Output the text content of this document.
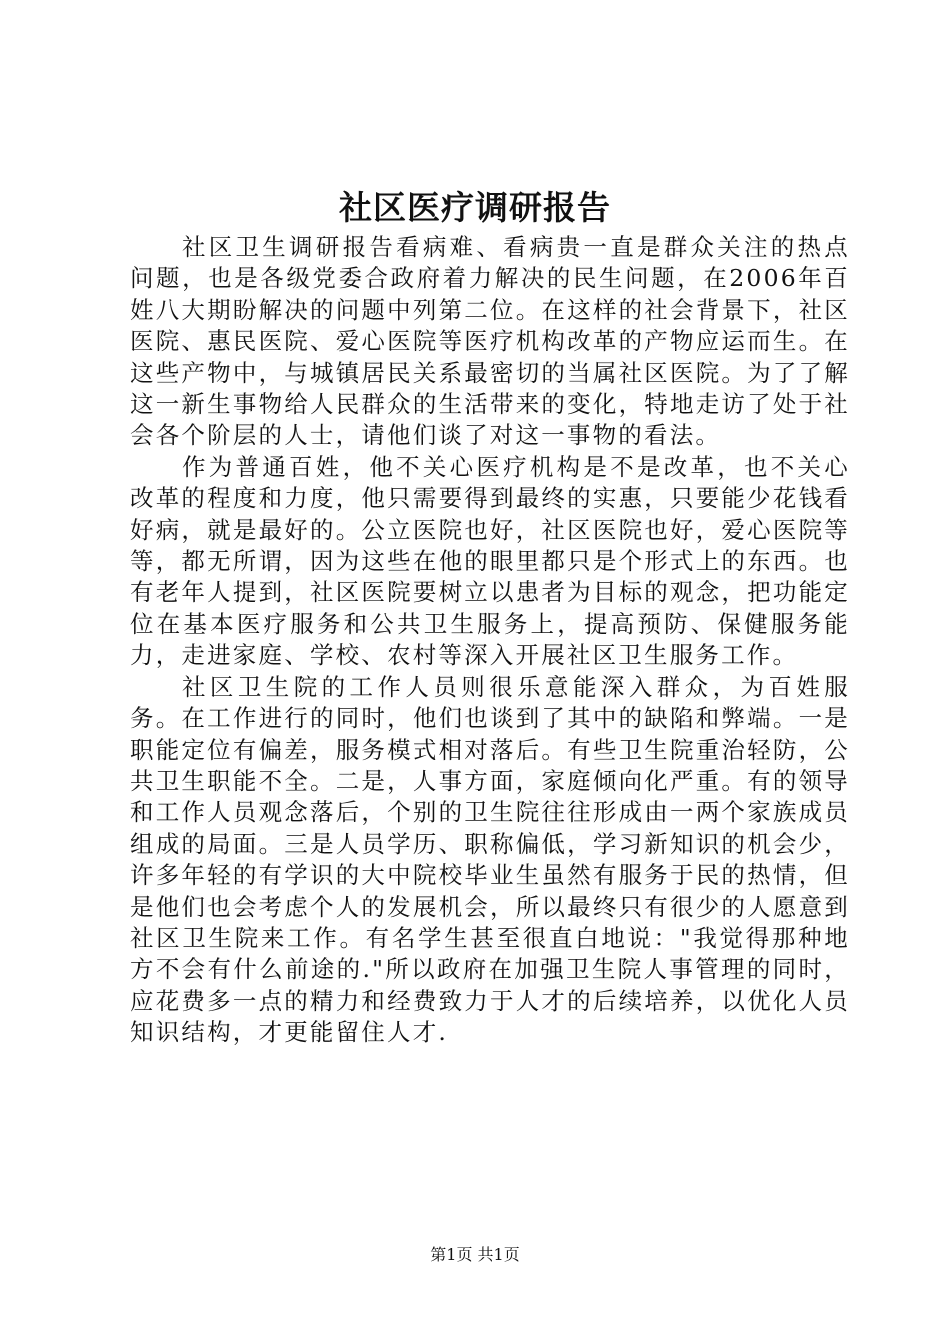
社区医疗调研报告

社区卫生调研报告看病难、看病贵一直是群众关注的热点问题，也是各级党委合政府着力解决的民生问题，在2006年百姓八大期盼解决的问题中列第二位。在这样的社会背景下，社区医院、惠民医院、爱心医院等医疗机构改革的产物应运而生。在这些产物中，与城镇居民关系最密切的当属社区医院。为了了解这一新生事物给人民群众的生活带来的变化，特地走访了处于社会各个阶层的人士，请他们谈了对这一事物的看法。

作为普通百姓，他不关心医疗机构是不是改革，也不关心改革的程度和力度，他只需要得到最终的实惠，只要能少花钱看好病，就是最好的。公立医院也好，社区医院也好，爱心医院等等，都无所谓，因为这些在他的眼里都只是个形式上的东西。也有老年人提到，社区医院要树立以患者为目标的观念，把功能定位在基本医疗服务和公共卫生服务上，提高预防、保健服务能力，走进家庭、学校、农村等深入开展社区卫生服务工作。

社区卫生院的工作人员则很乐意能深入群众，为百姓服务。在工作进行的同时，他们也谈到了其中的缺陷和弊端。一是职能定位有偏差，服务模式相对落后。有些卫生院重治轻防，公共卫生职能不全。二是，人事方面，家庭倾向化严重。有的领导和工作人员观念落后，个别的卫生院往往形成由一两个家族成员组成的局面。三是人员学历、职称偏低，学习新知识的机会少，许多年轻的有学识的大中院校毕业生虽然有服务于民的热情，但是他们也会考虑个人的发展机会，所以最终只有很少的人愿意到社区卫生院来工作。有名学生甚至很直白地说："我觉得那种地方不会有什么前途的."所以政府在加强卫生院人事管理的同时，应花费多一点的精力和经费致力于人才的后续培养，以优化人员知识结构，才更能留住人才.

第1页 共1页
